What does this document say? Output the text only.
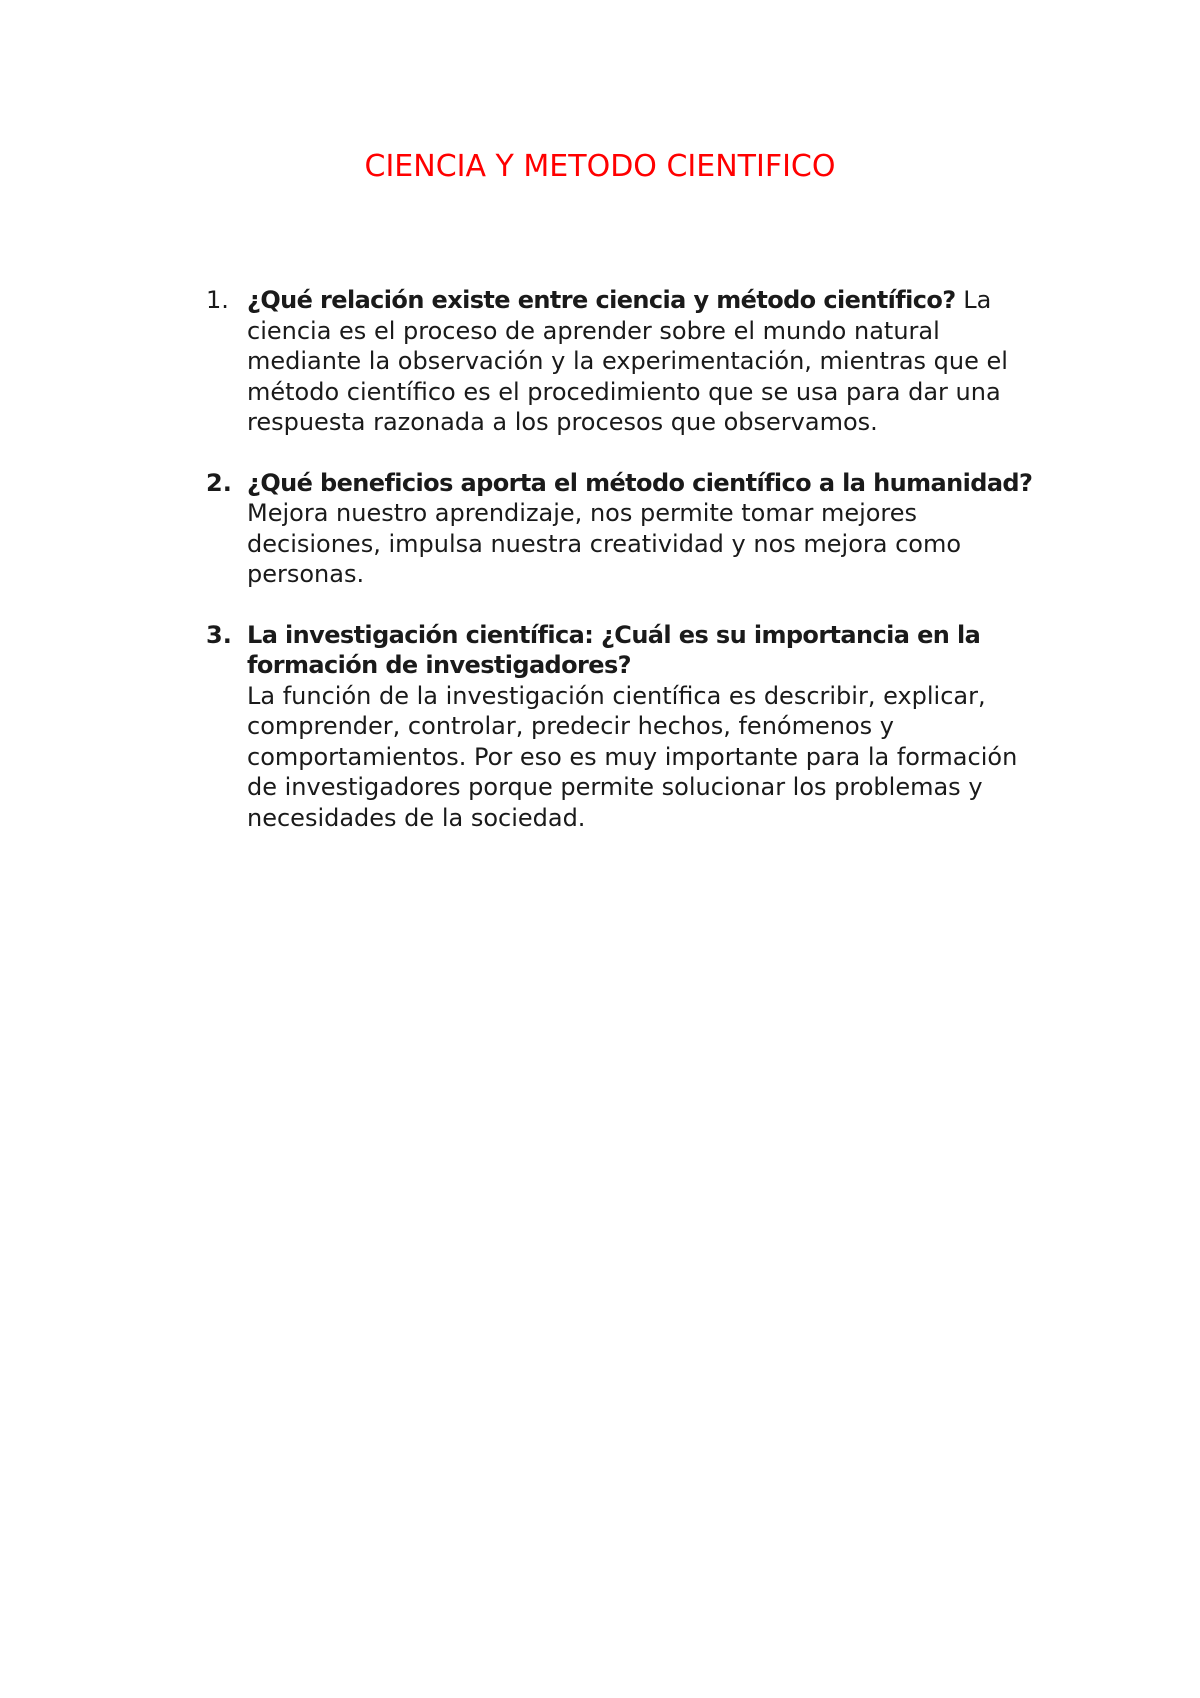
CIENCIA Y METODO CIENTIFICO
1. ¿Qué relación existe entre ciencia y método científico? La ciencia es el proceso de aprender sobre el mundo natural mediante la observación y la experimentación, mientras que el método científico es el procedimiento que se usa para dar una respuesta razonada a los procesos que observamos.
2. ¿Qué beneficios aporta el método científico a la humanidad?
Mejora nuestro aprendizaje, nos permite tomar mejores decisiones, impulsa nuestra creatividad y nos mejora como personas.
3. La investigación científica: ¿Cuál es su importancia en la formación de investigadores?
La función de la investigación científica es describir, explicar, comprender, controlar, predecir hechos, fenómenos y comportamientos. Por eso es muy importante para la formación de investigadores porque permite solucionar los problemas y necesidades de la sociedad.
